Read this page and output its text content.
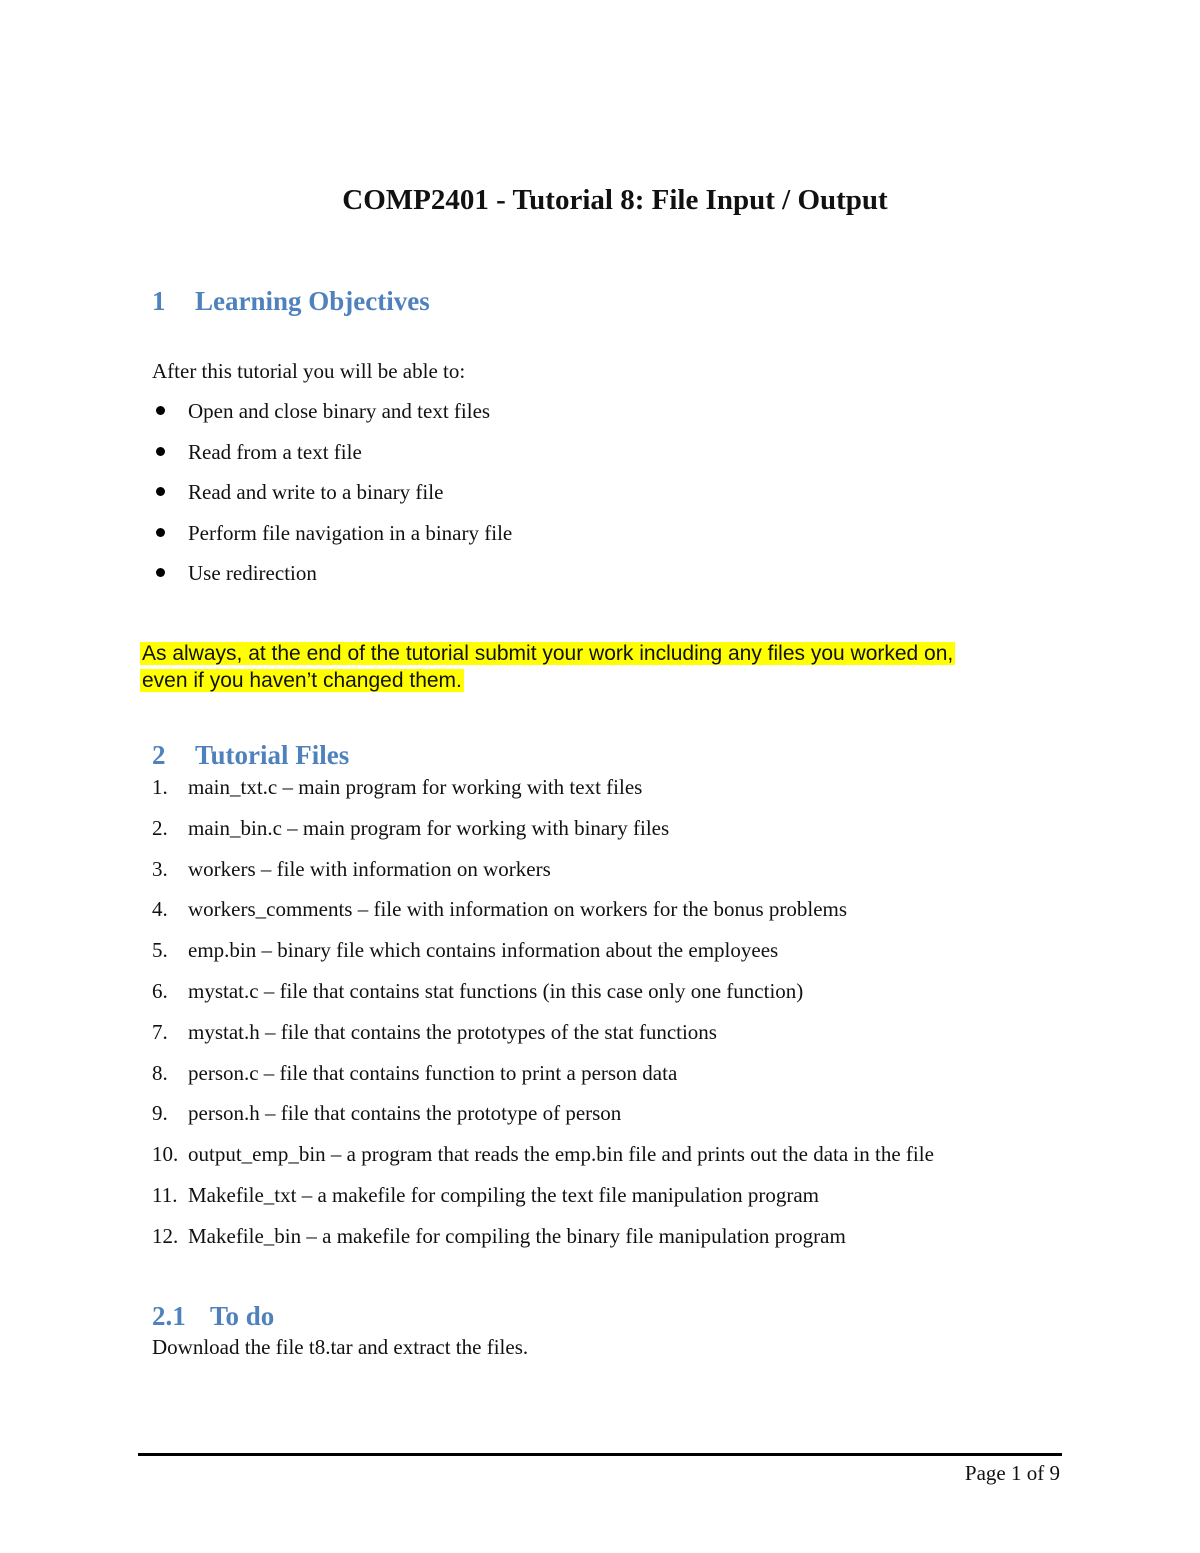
COMP2401 - Tutorial 8: File Input / Output
1 Learning Objectives
After this tutorial you will be able to:
Open and close binary and text files
Read from a text file
Read and write to a binary file
Perform file navigation in a binary file
Use redirection
As always, at the end of the tutorial submit your work including any files you worked on,
even if you haven’t changed them.
2 Tutorial Files
1. main_txt.c – main program for working with text files
2. main_bin.c – main program for working with binary files
3. workers – file with information on workers
4. workers_comments – file with information on workers for the bonus problems
5. emp.bin – binary file which contains information about the employees
6. mystat.c – file that contains stat functions (in this case only one function)
7. mystat.h – file that contains the prototypes of the stat functions
8. person.c – file that contains function to print a person data
9. person.h – file that contains the prototype of person
10. output_emp_bin – a program that reads the emp.bin file and prints out the data in the file
11. Makefile_txt – a makefile for compiling the text file manipulation program
12. Makefile_bin – a makefile for compiling the binary file manipulation program
2.1 To do
Download the file t8.tar and extract the files.
Page 1 of 9
